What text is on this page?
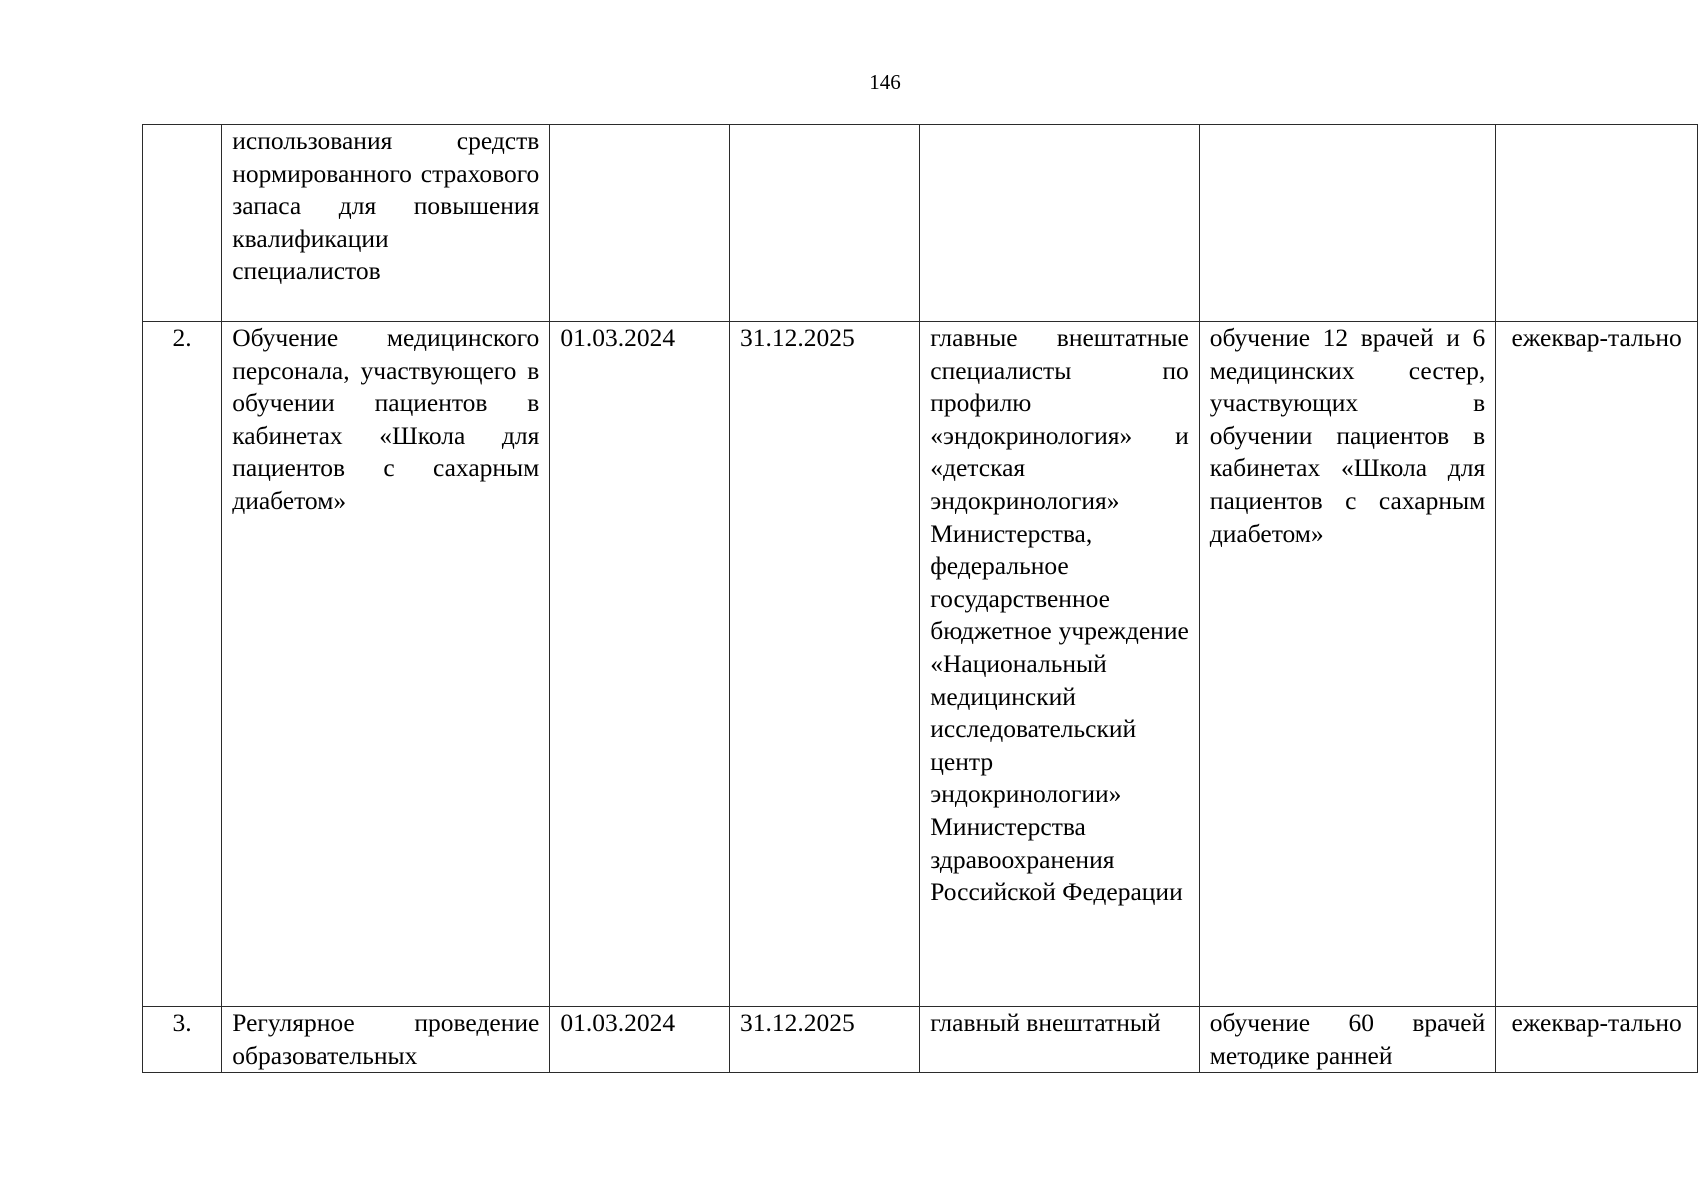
146

	использования средств нормированного страхового запаса для повышения квалификации специалистов					

2.	Обучение медицинского персонала, участвующего в обучении пациентов в кабинетах «Школа для пациентов с сахарным диабетом»	01.03.2024	31.12.2025	главные внештатные специалисты по профилю «эндокринология» и «детская эндокринология» Министерства, федеральное государственное бюджетное учреждение «Национальный медицинский исследовательский центр эндокринологии» Министерства здравоохранения Российской Федерации	обучение 12 врачей и 6 медицинских сестер, участвующих в обучении пациентов в кабинетах «Школа для пациентов с сахарным диабетом»	ежеквар-тально

3.	Регулярное проведение образовательных	01.03.2024	31.12.2025	главный внештатный	обучение 60 врачей методике ранней	ежеквар-тально
